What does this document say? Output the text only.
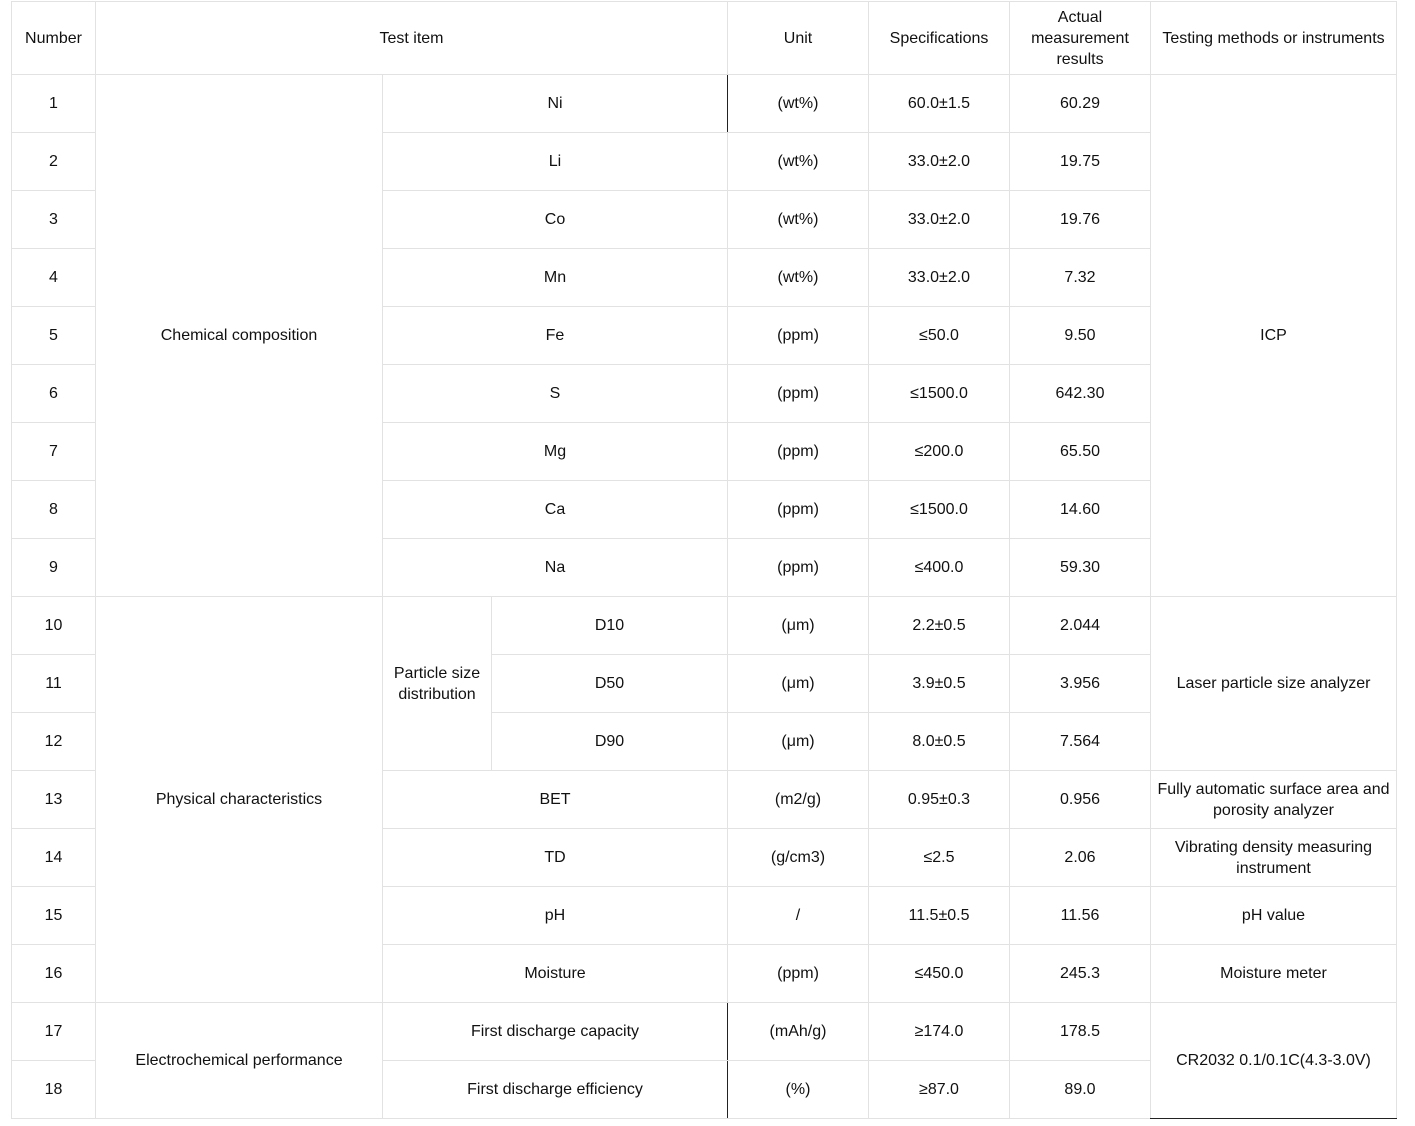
Number	Test item			Unit	Specifications	Actual measurement results	Testing methods or instruments
1	Chemical composition	Ni		(wt%)	60.0±1.5	60.29	ICP
2		Li		(wt%)	33.0±2.0	19.75	
3		Co		(wt%)	33.0±2.0	19.76	
4		Mn		(wt%)	33.0±2.0	7.32	
5		Fe		(ppm)	≤50.0	9.50	
6		S		(ppm)	≤1500.0	642.30	
7		Mg		(ppm)	≤200.0	65.50	
8		Ca		(ppm)	≤1500.0	14.60	
9		Na		(ppm)	≤400.0	59.30	
10	Physical characteristics	Particle size distribution	D10	(μm)	2.2±0.5	2.044	Laser particle size analyzer
11			D50	(μm)	3.9±0.5	3.956	
12			D90	(μm)	8.0±0.5	7.564	
13		BET		(m2/g)	0.95±0.3	0.956	Fully automatic surface area and porosity analyzer
14		TD		(g/cm3)	≤2.5	2.06	Vibrating density measuring instrument
15		pH		/	11.5±0.5	11.56	pH value
16		Moisture		(ppm)	≤450.0	245.3	Moisture meter
17	Electrochemical performance	First discharge capacity		(mAh/g)	≥174.0	178.5	CR2032 0.1/0.1C(4.3-3.0V)
18		First discharge efficiency		(%)	≥87.0	89.0	
